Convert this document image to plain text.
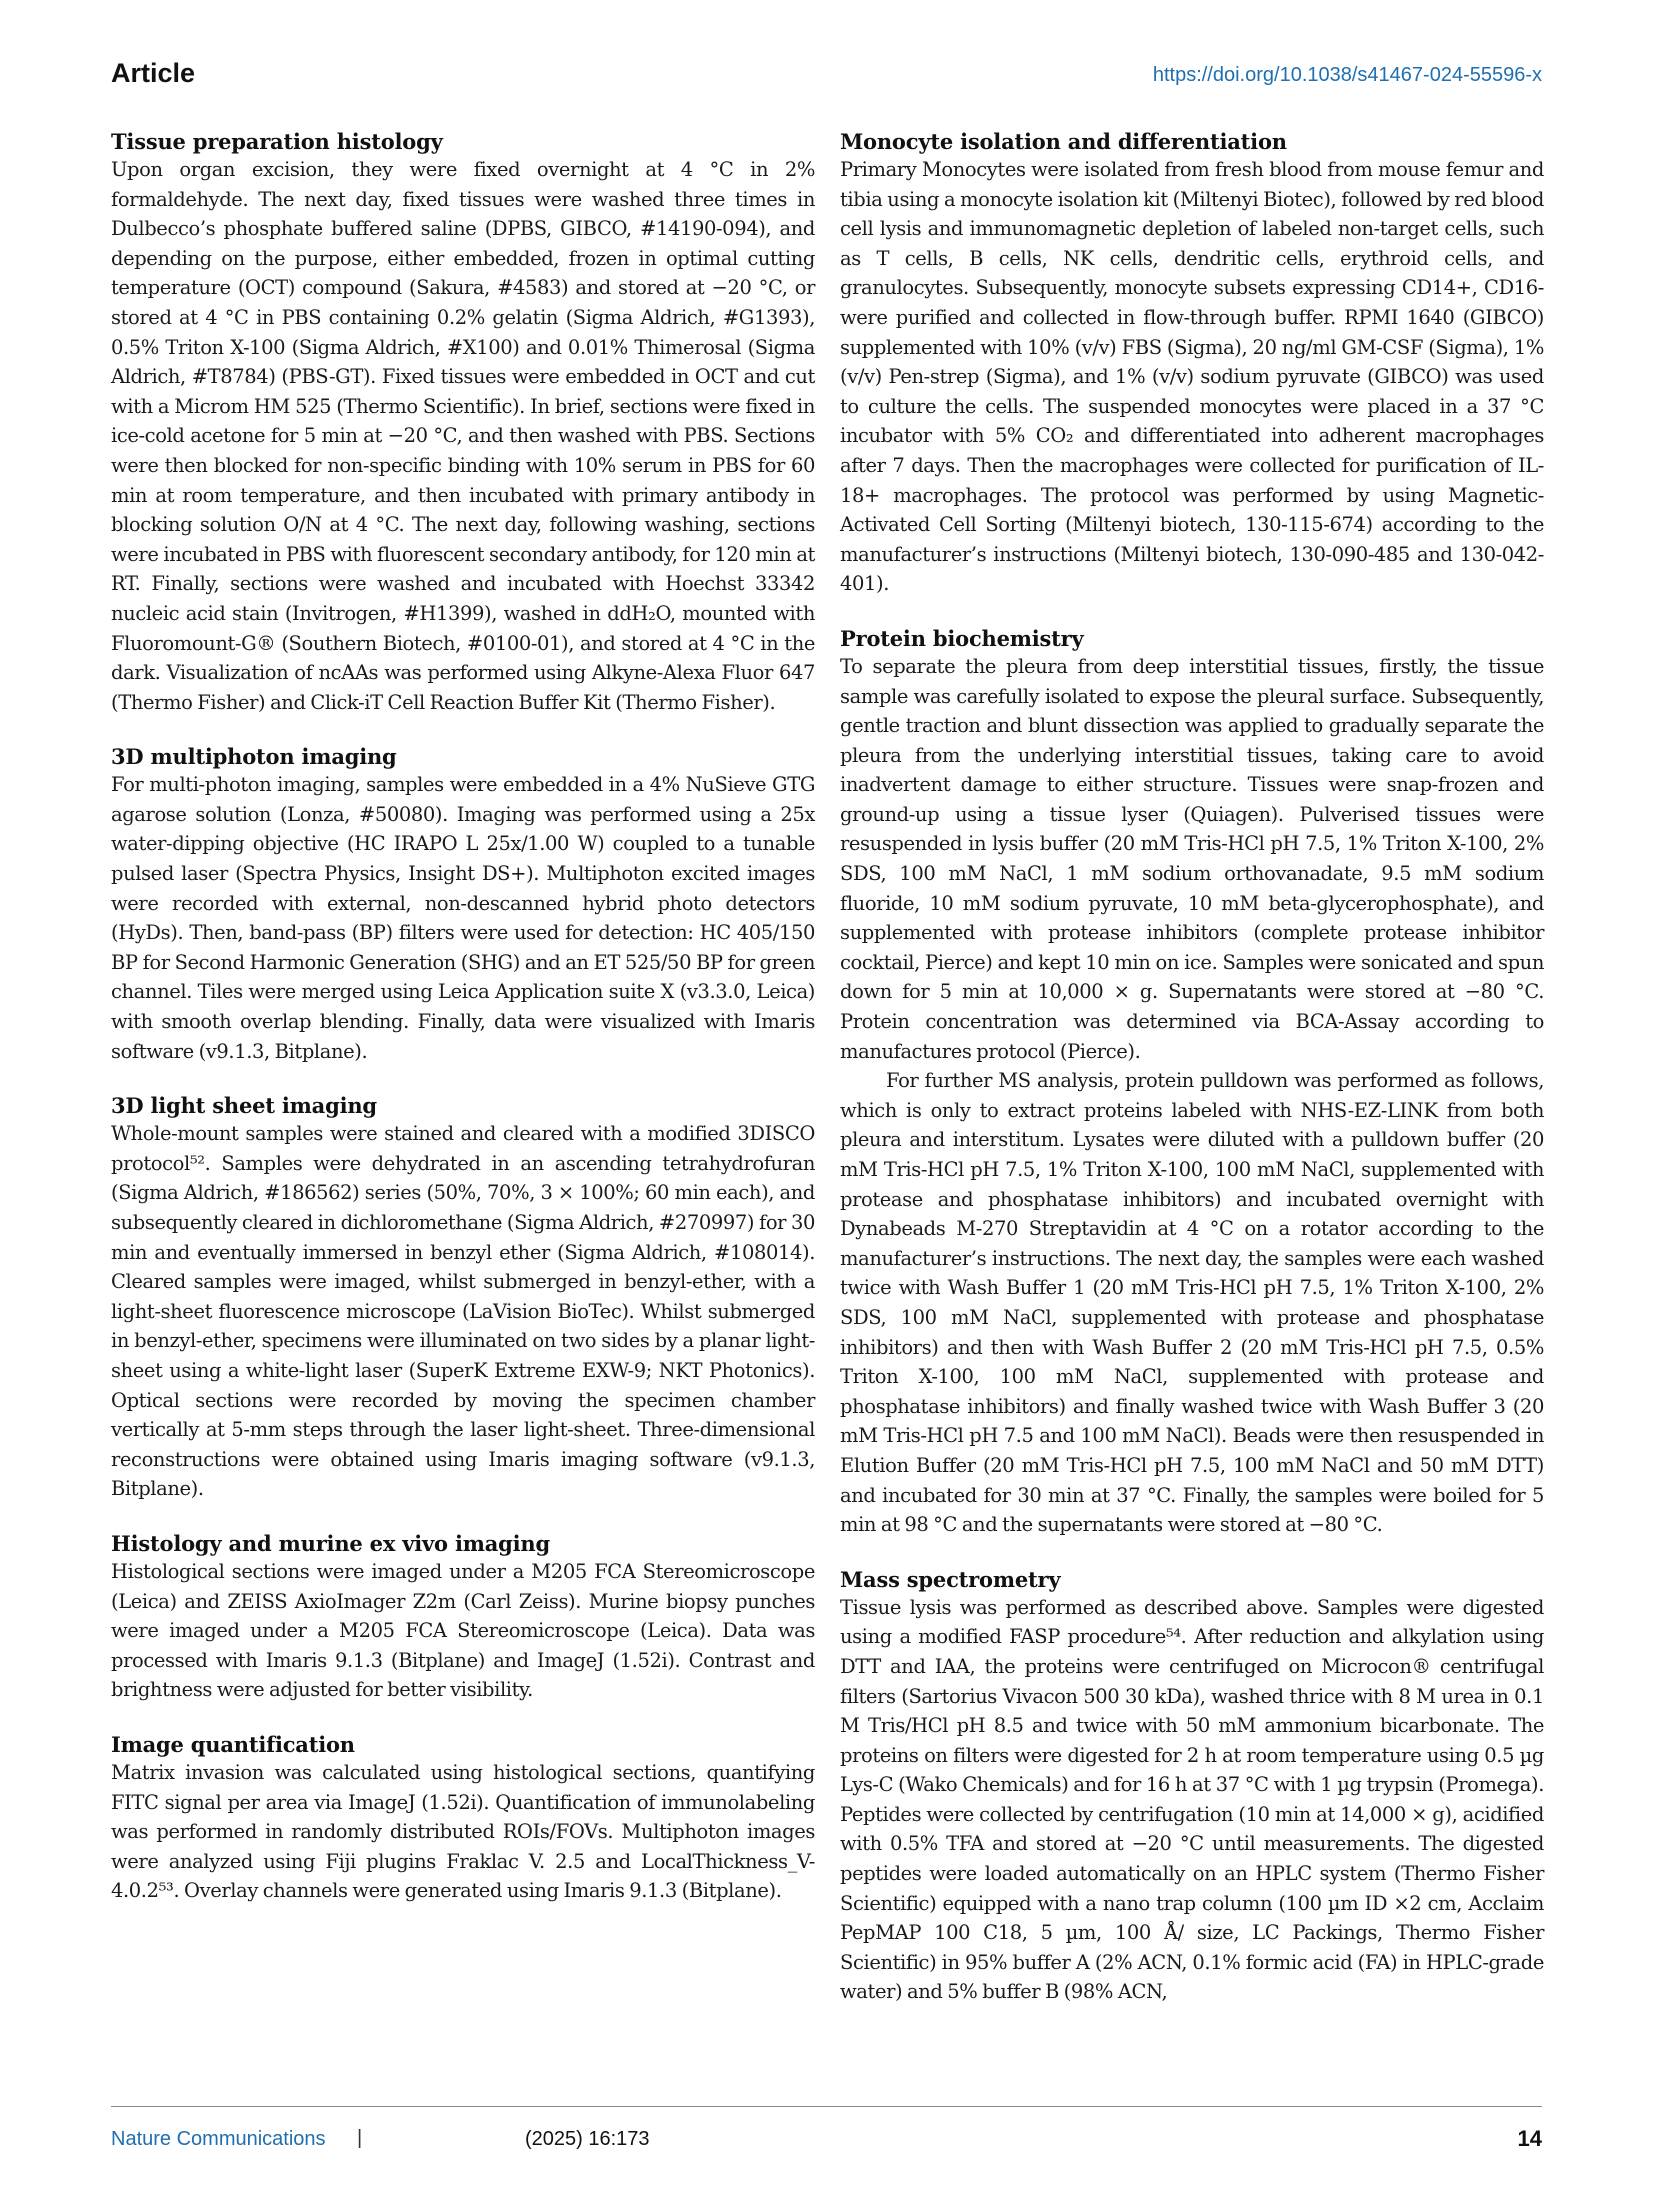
Article	https://doi.org/10.1038/s41467-024-55596-x
Tissue preparation histology

Upon organ excision, they were fixed overnight at 4 °C in 2% formaldehyde. The next day, fixed tissues were washed three times in Dulbecco’s phosphate buffered saline (DPBS, GIBCO, #14190-094), and depending on the purpose, either embedded, frozen in optimal cutting temperature (OCT) compound (Sakura, #4583) and stored at −20 °C, or stored at 4 °C in PBS containing 0.2% gelatin (Sigma Aldrich, #G1393), 0.5% Triton X-100 (Sigma Aldrich, #X100) and 0.01% Thimerosal (Sigma Aldrich, #T8784) (PBS-GT). Fixed tissues were embedded in OCT and cut with a Microm HM 525 (Thermo Scientific). In brief, sections were fixed in ice-cold acetone for 5 min at −20 °C, and then washed with PBS. Sections were then blocked for non-specific binding with 10% serum in PBS for 60 min at room temperature, and then incubated with primary antibody in blocking solution O/N at 4 °C. The next day, following washing, sections were incubated in PBS with fluorescent secondary antibody, for 120 min at RT. Finally, sections were washed and incubated with Hoechst 33342 nucleic acid stain (Invitrogen, #H1399), washed in ddH₂O, mounted with Fluoromount-G® (Southern Biotech, #0100-01), and stored at 4 °C in the dark. Visualization of ncAAs was performed using Alkyne-Alexa Fluor 647 (Thermo Fisher) and Click-iT Cell Reaction Buffer Kit (Thermo Fisher).

3D multiphoton imaging

For multi-photon imaging, samples were embedded in a 4% NuSieve GTG agarose solution (Lonza, #50080). Imaging was performed using a 25x water-dipping objective (HC IRAPO L 25x/1.00 W) coupled to a tunable pulsed laser (Spectra Physics, Insight DS+). Multiphoton excited images were recorded with external, non-descanned hybrid photo detectors (HyDs). Then, band-pass (BP) filters were used for detection: HC 405/150 BP for Second Harmonic Generation (SHG) and an ET 525/50 BP for green channel. Tiles were merged using Leica Application suite X (v3.3.0, Leica) with smooth overlap blending. Finally, data were visualized with Imaris software (v9.1.3, Bitplane).

3D light sheet imaging

Whole-mount samples were stained and cleared with a modified 3DISCO protocol⁵². Samples were dehydrated in an ascending tetrahydrofuran (Sigma Aldrich, #186562) series (50%, 70%, 3 × 100%; 60 min each), and subsequently cleared in dichloromethane (Sigma Aldrich, #270997) for 30 min and eventually immersed in benzyl ether (Sigma Aldrich, #108014). Cleared samples were imaged, whilst submerged in benzyl-ether, with a light-sheet fluorescence microscope (LaVision BioTec). Whilst submerged in benzyl-ether, specimens were illuminated on two sides by a planar light-sheet using a white-light laser (SuperK Extreme EXW-9; NKT Photonics). Optical sections were recorded by moving the specimen chamber vertically at 5-mm steps through the laser light-sheet. Three-dimensional reconstructions were obtained using Imaris imaging software (v9.1.3, Bitplane).

Histology and murine ex vivo imaging

Histological sections were imaged under a M205 FCA Stereomicroscope (Leica) and ZEISS AxioImager Z2m (Carl Zeiss). Murine biopsy punches were imaged under a M205 FCA Stereomicroscope (Leica). Data was processed with Imaris 9.1.3 (Bitplane) and ImageJ (1.52i). Contrast and brightness were adjusted for better visibility.

Image quantification

Matrix invasion was calculated using histological sections, quantifying FITC signal per area via ImageJ (1.52i). Quantification of immunolabeling was performed in randomly distributed ROIs/FOVs. Multiphoton images were analyzed using Fiji plugins Fraklac V. 2.5 and LocalThickness_V-4.0.2⁵³. Overlay channels were generated using Imaris 9.1.3 (Bitplane).

Monocyte isolation and differentiation

Primary Monocytes were isolated from fresh blood from mouse femur and tibia using a monocyte isolation kit (Miltenyi Biotec), followed by red blood cell lysis and immunomagnetic depletion of labeled non-target cells, such as T cells, B cells, NK cells, dendritic cells, erythroid cells, and granulocytes. Subsequently, monocyte subsets expressing CD14+, CD16- were purified and collected in flow-through buffer. RPMI 1640 (GIBCO) supplemented with 10% (v/v) FBS (Sigma), 20 ng/ml GM-CSF (Sigma), 1% (v/v) Pen-strep (Sigma), and 1% (v/v) sodium pyruvate (GIBCO) was used to culture the cells. The suspended monocytes were placed in a 37 °C incubator with 5% CO₂ and differentiated into adherent macrophages after 7 days. Then the macrophages were collected for purification of IL-18+ macrophages. The protocol was performed by using Magnetic-Activated Cell Sorting (Miltenyi biotech, 130-115-674) according to the manufacturer’s instructions (Miltenyi biotech, 130-090-485 and 130-042-401).

Protein biochemistry

To separate the pleura from deep interstitial tissues, firstly, the tissue sample was carefully isolated to expose the pleural surface. Subsequently, gentle traction and blunt dissection was applied to gradually separate the pleura from the underlying interstitial tissues, taking care to avoid inadvertent damage to either structure. Tissues were snap-frozen and ground-up using a tissue lyser (Quiagen). Pulverised tissues were resuspended in lysis buffer (20 mM Tris-HCl pH 7.5, 1% Triton X-100, 2% SDS, 100 mM NaCl, 1 mM sodium orthovanadate, 9.5 mM sodium fluoride, 10 mM sodium pyruvate, 10 mM beta-glycerophosphate), and supplemented with protease inhibitors (complete protease inhibitor cocktail, Pierce) and kept 10 min on ice. Samples were sonicated and spun down for 5 min at 10,000 × g. Supernatants were stored at −80 °C. Protein concentration was determined via BCA-Assay according to manufactures protocol (Pierce).

For further MS analysis, protein pulldown was performed as follows, which is only to extract proteins labeled with NHS-EZ-LINK from both pleura and interstitum. Lysates were diluted with a pulldown buffer (20 mM Tris-HCl pH 7.5, 1% Triton X-100, 100 mM NaCl, supplemented with protease and phosphatase inhibitors) and incubated overnight with Dynabeads M-270 Streptavidin at 4 °C on a rotator according to the manufacturer’s instructions. The next day, the samples were each washed twice with Wash Buffer 1 (20 mM Tris-HCl pH 7.5, 1% Triton X-100, 2% SDS, 100 mM NaCl, supplemented with protease and phosphatase inhibitors) and then with Wash Buffer 2 (20 mM Tris-HCl pH 7.5, 0.5% Triton X-100, 100 mM NaCl, supplemented with protease and phosphatase inhibitors) and finally washed twice with Wash Buffer 3 (20 mM Tris-HCl pH 7.5 and 100 mM NaCl). Beads were then resuspended in Elution Buffer (20 mM Tris-HCl pH 7.5, 100 mM NaCl and 50 mM DTT) and incubated for 30 min at 37 °C. Finally, the samples were boiled for 5 min at 98 °C and the supernatants were stored at −80 °C.

Mass spectrometry

Tissue lysis was performed as described above. Samples were digested using a modified FASP procedure⁵⁴. After reduction and alkylation using DTT and IAA, the proteins were centrifuged on Microcon® centrifugal filters (Sartorius Vivacon 500 30 kDa), washed thrice with 8 M urea in 0.1 M Tris/HCl pH 8.5 and twice with 50 mM ammonium bicarbonate. The proteins on filters were digested for 2 h at room temperature using 0.5 µg Lys-C (Wako Chemicals) and for 16 h at 37 °C with 1 µg trypsin (Promega). Peptides were collected by centrifugation (10 min at 14,000 × g), acidified with 0.5% TFA and stored at −20 °C until measurements. The digested peptides were loaded automatically on an HPLC system (Thermo Fisher Scientific) equipped with a nano trap column (100 µm ID ×2 cm, Acclaim PepMAP 100 C18, 5 µm, 100 Å/ size, LC Packings, Thermo Fisher Scientific) in 95% buffer A (2% ACN, 0.1% formic acid (FA) in HPLC-grade water) and 5% buffer B (98% ACN,

Nature Communications |	(2025) 16:173	14
